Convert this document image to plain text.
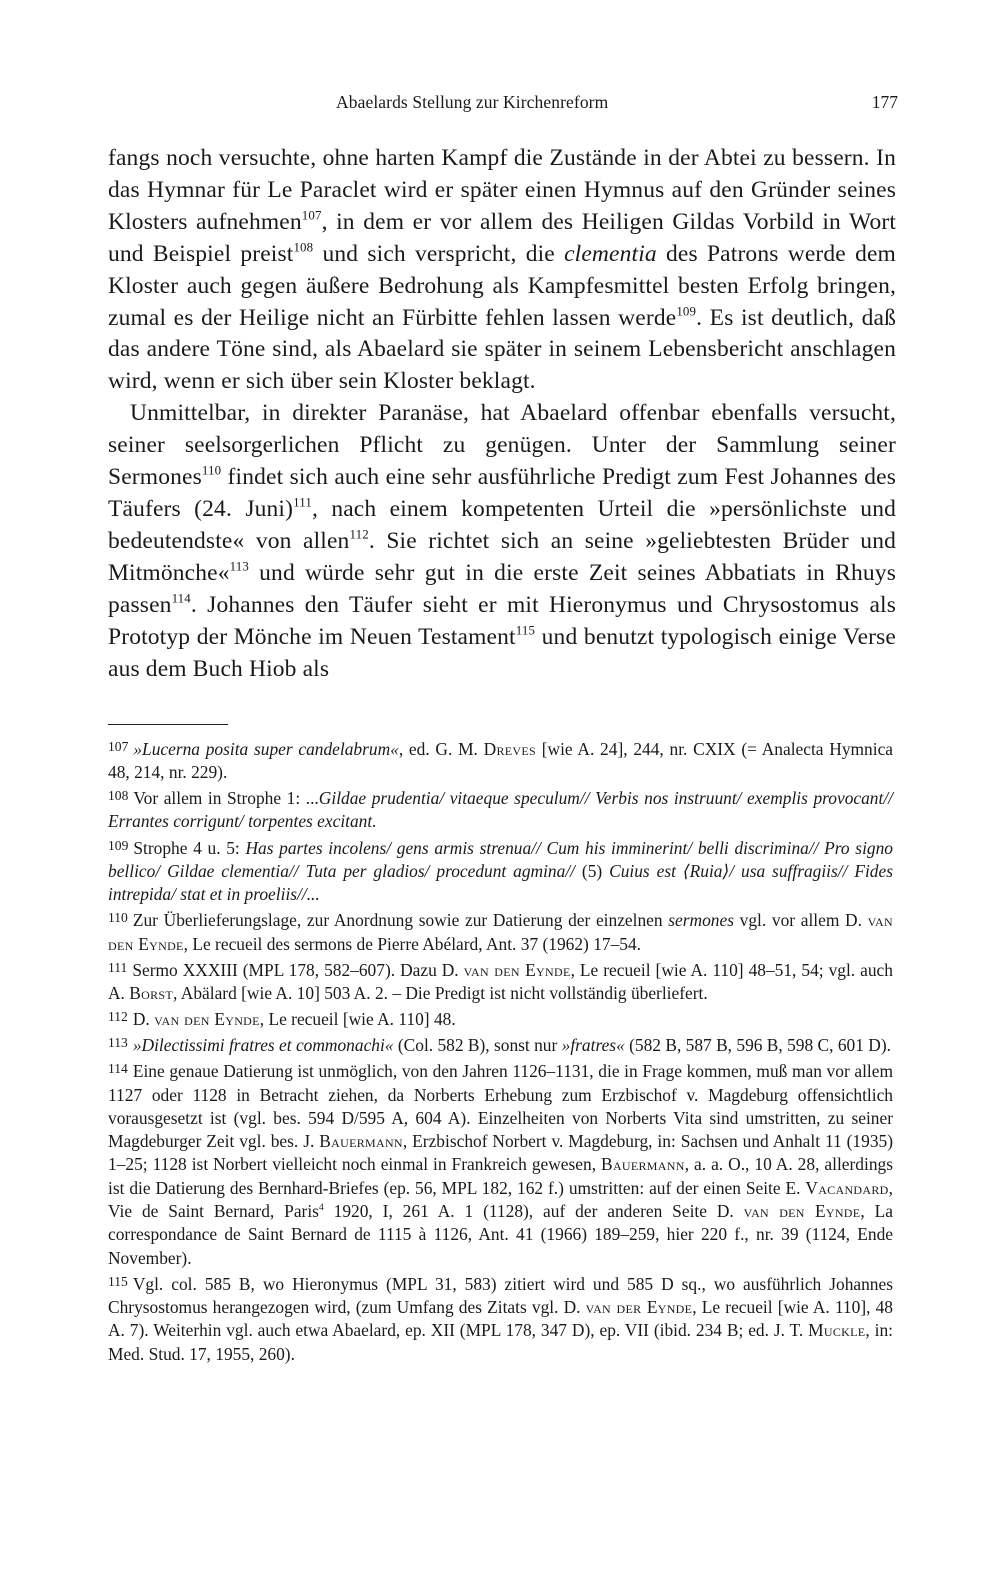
Abaelards Stellung zur Kirchenreform	177

fangs noch versuchte, ohne harten Kampf die Zustände in der Abtei zu bessern. In das Hymnar für Le Paraclet wird er später einen Hymnus auf den Gründer seines Klosters aufnehmen$^{107}$, in dem er vor allem des Heiligen Gildas Vorbild in Wort und Beispiel preist$^{108}$ und sich verspricht, die clementia des Patrons werde dem Kloster auch gegen äußere Bedrohung als Kampfesmittel besten Erfolg bringen, zumal es der Heilige nicht an Fürbitte fehlen lassen werde$^{109}$. Es ist deutlich, daß das andere Töne sind, als Abaelard sie später in seinem Lebensbericht anschlagen wird, wenn er sich über sein Kloster beklagt.

Unmittelbar, in direkter Paranäse, hat Abaelard offenbar ebenfalls versucht, seiner seelsorgerlichen Pflicht zu genügen. Unter der Sammlung seiner Sermones$^{110}$ findet sich auch eine sehr ausführliche Predigt zum Fest Johannes des Täufers (24. Juni)$^{111}$, nach einem kompetenten Urteil die »persönlichste und bedeutendste« von allen$^{112}$. Sie richtet sich an seine »geliebtesten Brüder und Mitmönche«$^{113}$ und würde sehr gut in die erste Zeit seines Abbatiats in Rhuys passen$^{114}$. Johannes den Täufer sieht er mit Hieronymus und Chrysostomus als Prototyp der Mönche im Neuen Testament$^{115}$ und benutzt typologisch einige Verse aus dem Buch Hiob als

$^{107}$ »Lucerna posita super candelabrum«, ed. G. M. Dreves [wie A. 24], 244, nr. CXIX (= Analecta Hymnica 48, 214, nr. 229).

$^{108}$ Vor allem in Strophe 1: ...Gildae prudentia/ vitaeque speculum// Verbis nos instruunt/ exemplis provocant// Errantes corrigunt/ torpentes excitant.

$^{109}$ Strophe 4 u. 5: Has partes incolens/ gens armis strenua// Cum his imminerint/ belli discrimina// Pro signo bellico/ Gildae clementia// Tuta per gladios/ procedunt agmina// (5) Cuius est ⟨Ruia⟩/ usa suffragiis// Fides intrepida/ stat et in proeliis//...

$^{110}$ Zur Überlieferungslage, zur Anordnung sowie zur Datierung der einzelnen sermones vgl. vor allem D. van den Eynde, Le recueil des sermons de Pierre Abélard, Ant. 37 (1962) 17–54.

$^{111}$ Sermo XXXIII (MPL 178, 582–607). Dazu D. van den Eynde, Le recueil [wie A. 110] 48–51, 54; vgl. auch A. Borst, Abälard [wie A. 10] 503 A. 2. – Die Predigt ist nicht vollständig überliefert.

$^{112}$ D. van den Eynde, Le recueil [wie A. 110] 48.

$^{113}$ »Dilectissimi fratres et commonachi« (Col. 582 B), sonst nur »fratres« (582 B, 587 B, 596 B, 598 C, 601 D).

$^{114}$ Eine genaue Datierung ist unmöglich, von den Jahren 1126–1131, die in Frage kommen, muß man vor allem 1127 oder 1128 in Betracht ziehen, da Norberts Erhebung zum Erzbischof v. Magdeburg offensichtlich vorausgesetzt ist (vgl. bes. 594 D/595 A, 604 A). Einzelheiten von Norberts Vita sind umstritten, zu seiner Magdeburger Zeit vgl. bes. J. Bauermann, Erzbischof Norbert v. Magdeburg, in: Sachsen und Anhalt 11 (1935) 1–25; 1128 ist Norbert vielleicht noch einmal in Frankreich gewesen, Bauermann, a. a. O., 10 A. 28, allerdings ist die Datierung des Bernhard-Briefes (ep. 56, MPL 182, 162 f.) umstritten: auf der einen Seite E. Vacandard, Vie de Saint Bernard, Paris$^4$ 1920, I, 261 A. 1 (1128), auf der anderen Seite D. van den Eynde, La correspondance de Saint Bernard de 1115 à 1126, Ant. 41 (1966) 189–259, hier 220 f., nr. 39 (1124, Ende November).

$^{115}$ Vgl. col. 585 B, wo Hieronymus (MPL 31, 583) zitiert wird und 585 D sq., wo ausführlich Johannes Chrysostomus herangezogen wird, (zum Umfang des Zitats vgl. D. van der Eynde, Le recueil [wie A. 110], 48 A. 7). Weiterhin vgl. auch etwa Abaelard, ep. XII (MPL 178, 347 D), ep. VII (ibid. 234 B; ed. J. T. Muckle, in: Med. Stud. 17, 1955, 260).
